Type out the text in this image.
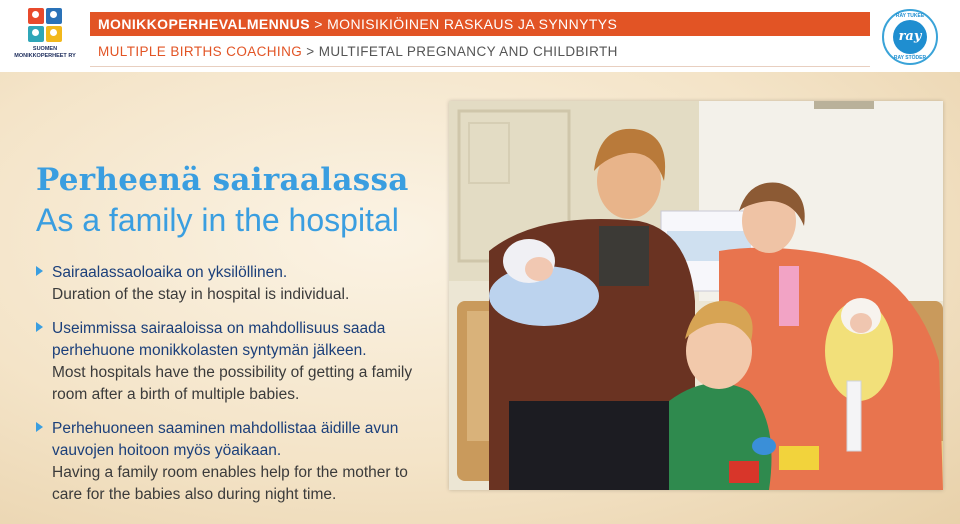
SUOMEN
MONIKKOPERHEET RY
MONIKKOPERHEVALMENNUS > MONISIKIÖINEN RASKAUS JA SYNNYTYS
MULTIPLE BIRTHS COACHING > MULTIFETAL PREGNANCY AND CHILDBIRTH
RAY TUKEE
ray
RAY STÖDER
Perheenä sairaalassa
As a family in the hospital
Sairaalassaoloaika on yksilöllinen.
Duration of the stay in hospital is individual.
Useimmissa sairaaloissa on mahdollisuus saada perhehuone monikkolasten syntymän jälkeen.
Most hospitals have the possibility of getting a family room after a birth of multiple babies.
Perhehuoneen saaminen mahdollistaa äidille avun vauvojen hoitoon myös yöaikaan.
Having a family room enables help for the mother to care for the babies also during night time.
